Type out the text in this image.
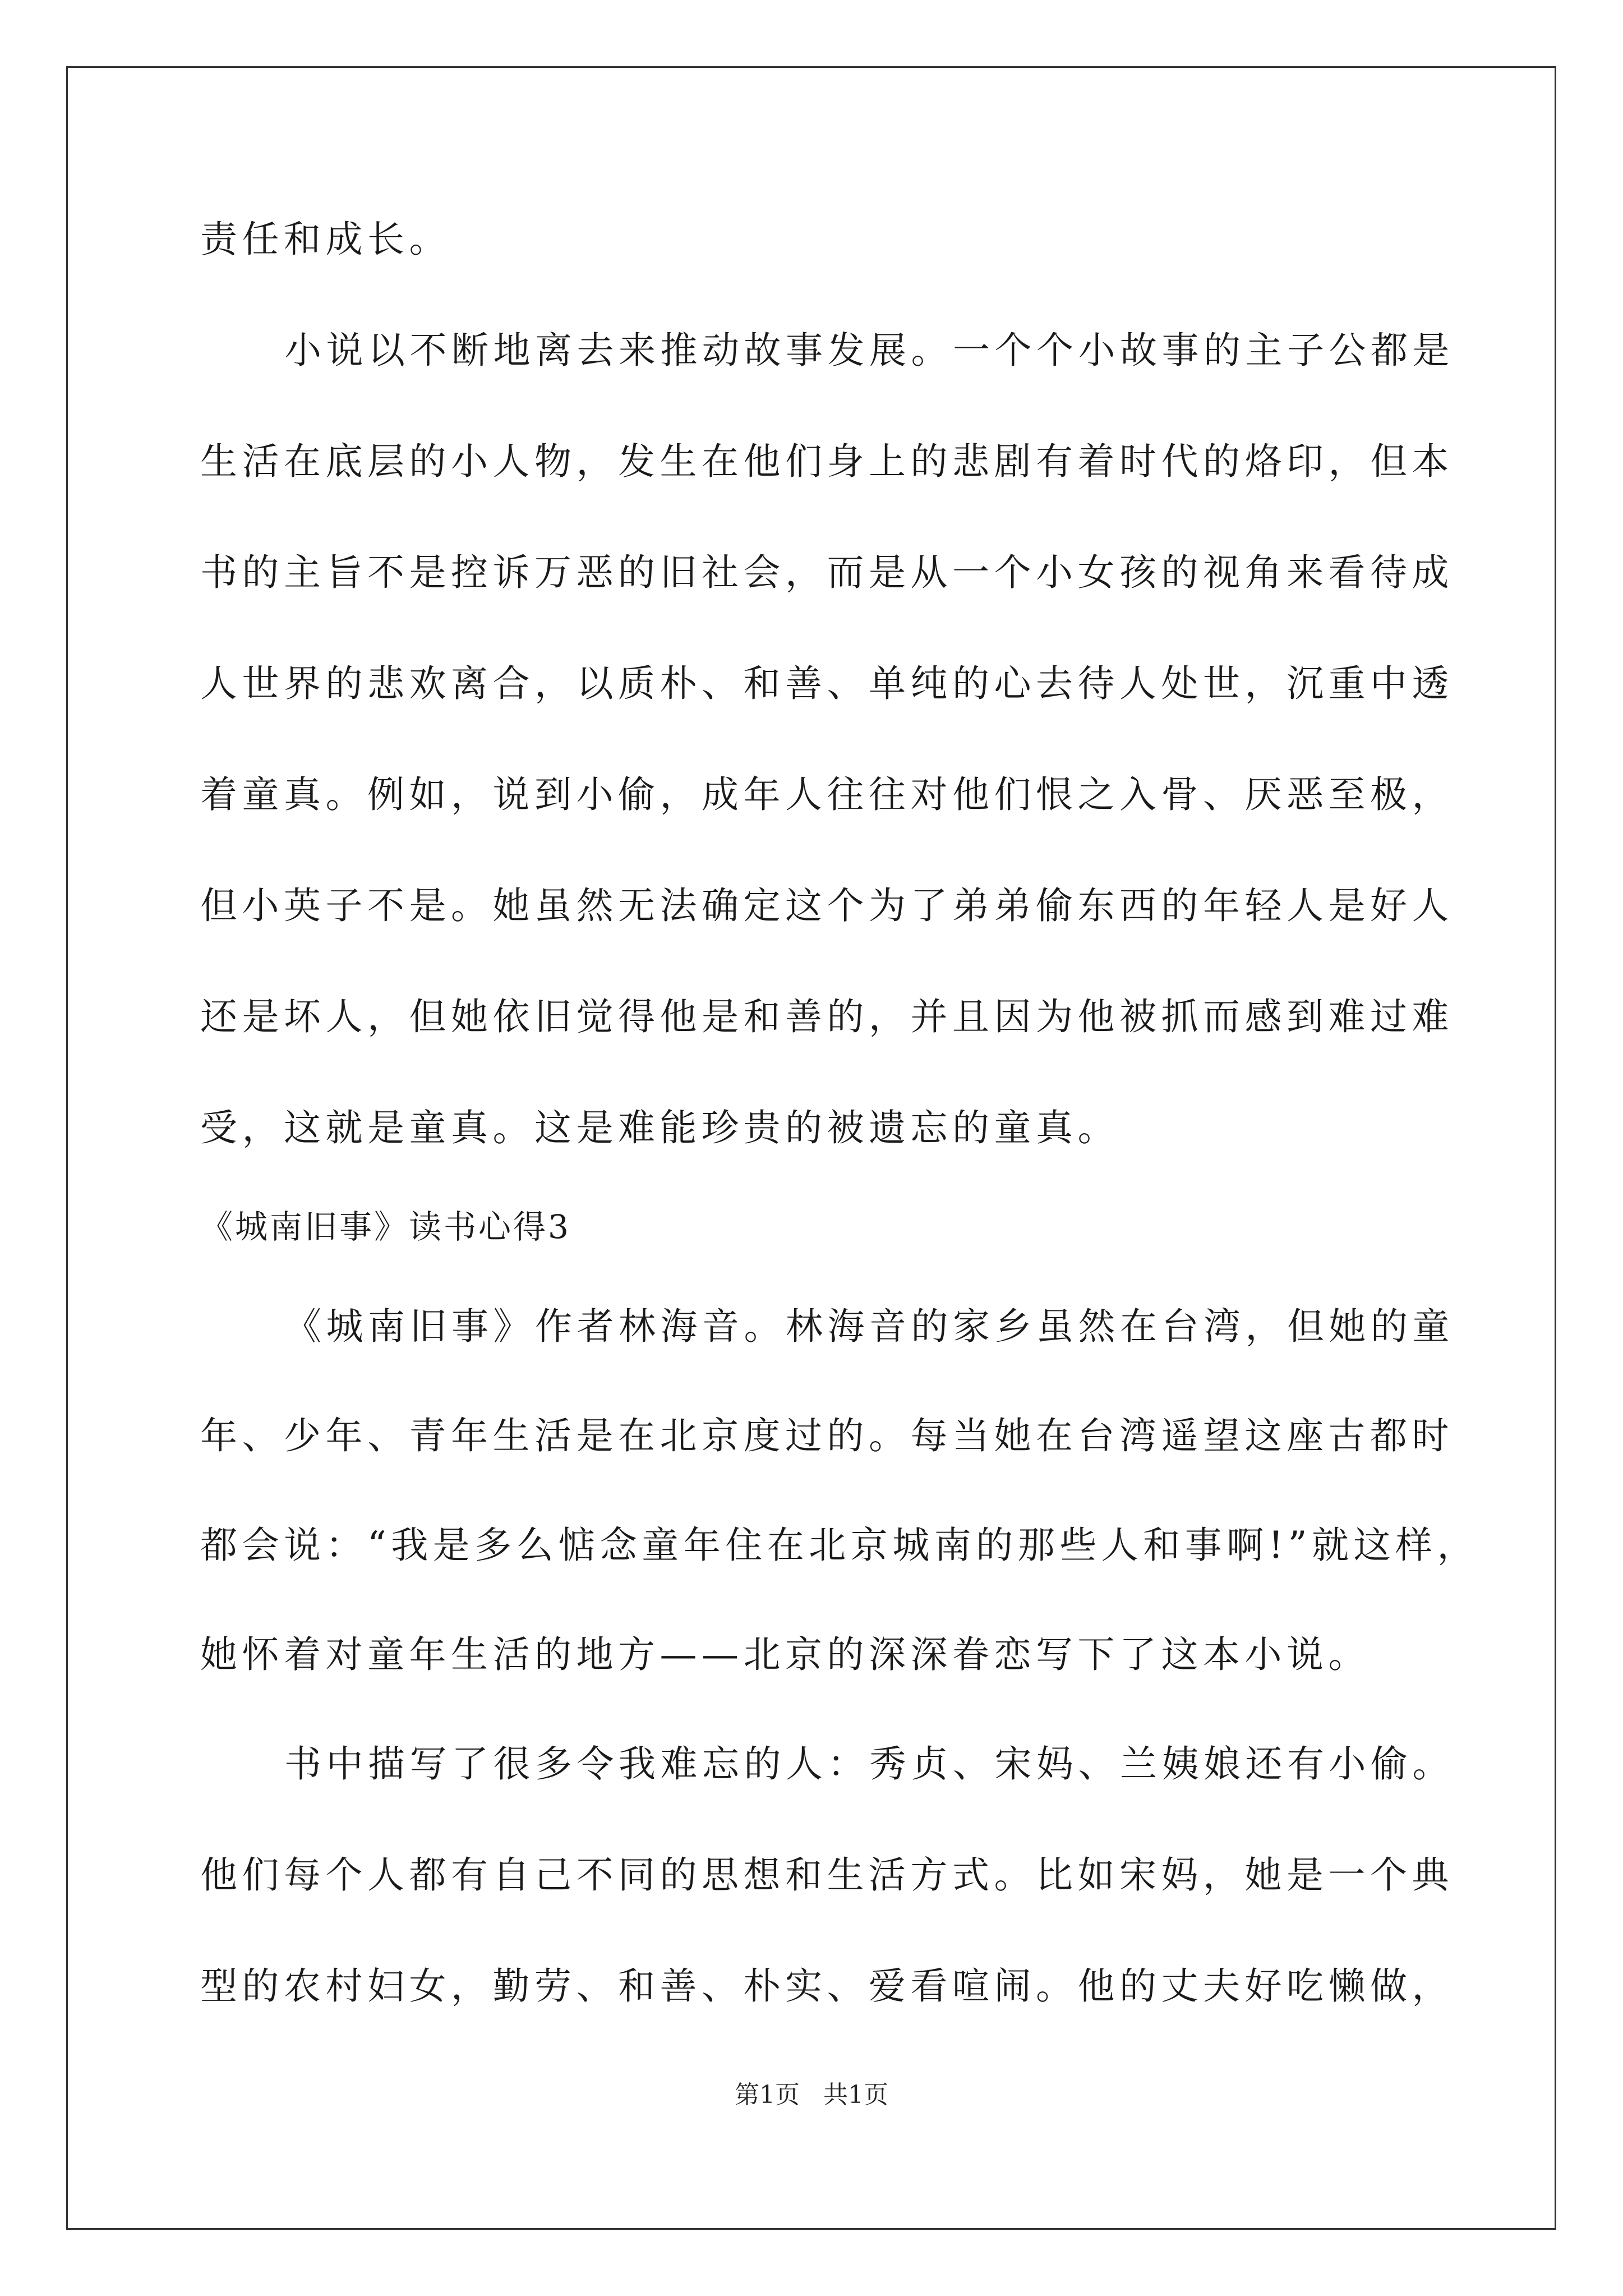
责任和成长。
小说以不断地离去来推动故事发展。一个个小故事的主子公都是
生活在底层的小人物，发生在他们身上的悲剧有着时代的烙印，但本
书的主旨不是控诉万恶的旧社会，而是从一个小女孩的视角来看待成
人世界的悲欢离合，以质朴、和善、单纯的心去待人处世，沉重中透
着童真。例如，说到小偷，成年人往往对他们恨之入骨、厌恶至极，
但小英子不是。她虽然无法确定这个为了弟弟偷东西的年轻人是好人
还是坏人，但她依旧觉得他是和善的，并且因为他被抓而感到难过难
受，这就是童真。这是难能珍贵的被遗忘的童真。
《城南旧事》读书心得3
《城南旧事》作者林海音。林海音的家乡虽然在台湾，但她的童
年、少年、青年生活是在北京度过的。每当她在台湾遥望这座古都时
都会说：“我是多么惦念童年住在北京城南的那些人和事啊!”就这样，
她怀着对童年生活的地方——北京的深深眷恋写下了这本小说。
书中描写了很多令我难忘的人：秀贞、宋妈、兰姨娘还有小偷。
他们每个人都有自己不同的思想和生活方式。比如宋妈，她是一个典
型的农村妇女，勤劳、和善、朴实、爱看喧闹。他的丈夫好吃懒做，
第1页 共1页
